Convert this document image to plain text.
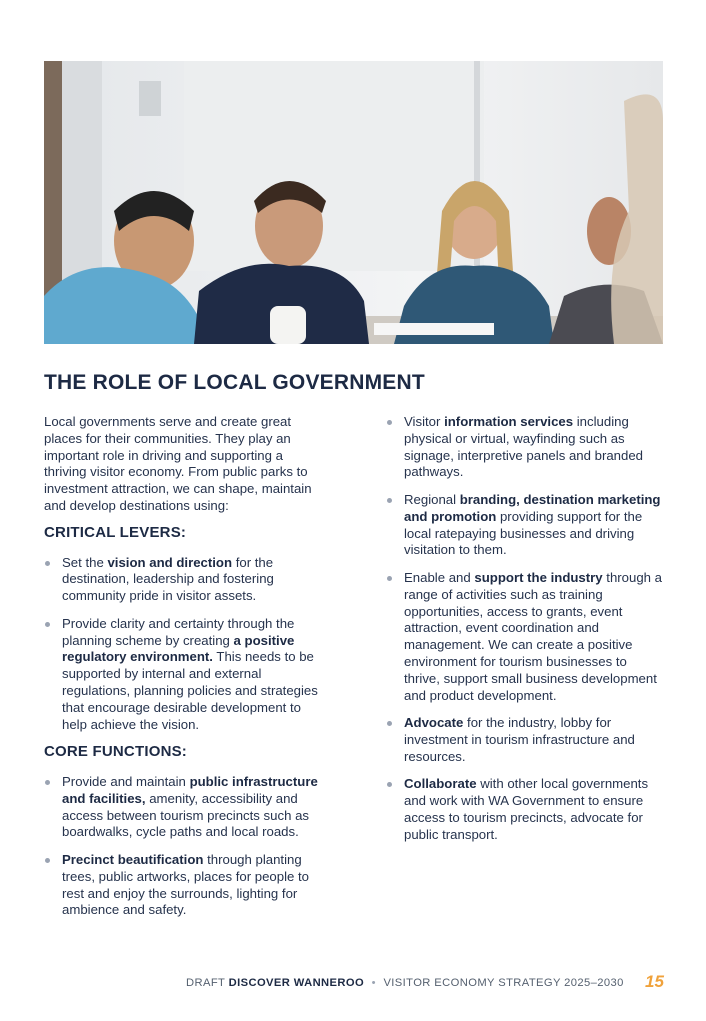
THE ROLE OF LOCAL GOVERNMENT

Local governments serve and create great places for their communities. They play an important role in driving and supporting a thriving visitor economy. From public parks to investment attraction, we can shape, maintain and develop destinations using:

CRITICAL LEVERS:
Set the vision and direction for the destination, leadership and fostering community pride in visitor assets.
Provide clarity and certainty through the planning scheme by creating a positive regulatory environment. This needs to be supported by internal and external regulations, planning policies and strategies that encourage desirable development to help achieve the vision.
CORE FUNCTIONS:
Provide and maintain public infrastructure and facilities, amenity, accessibility and access between tourism precincts such as boardwalks, cycle paths and local roads.
Precinct beautification through planting trees, public artworks, places for people to rest and enjoy the surrounds, lighting for ambience and safety.
Visitor information services including physical or virtual, wayfinding such as signage, interpretive panels and branded pathways.
Regional branding, destination marketing and promotion providing support for the local ratepaying businesses and driving visitation to them.
Enable and support the industry through a range of activities such as training opportunities, access to grants, event attraction, event coordination and management. We can create a positive environment for tourism businesses to thrive, support small business development and product development.
Advocate for the industry, lobby for investment in tourism infrastructure and resources.
Collaborate with other local governments and work with WA Government to ensure access to tourism precincts, advocate for public transport.
DRAFT DISCOVER WANNEROO • VISITOR ECONOMY STRATEGY 2025–2030 15
